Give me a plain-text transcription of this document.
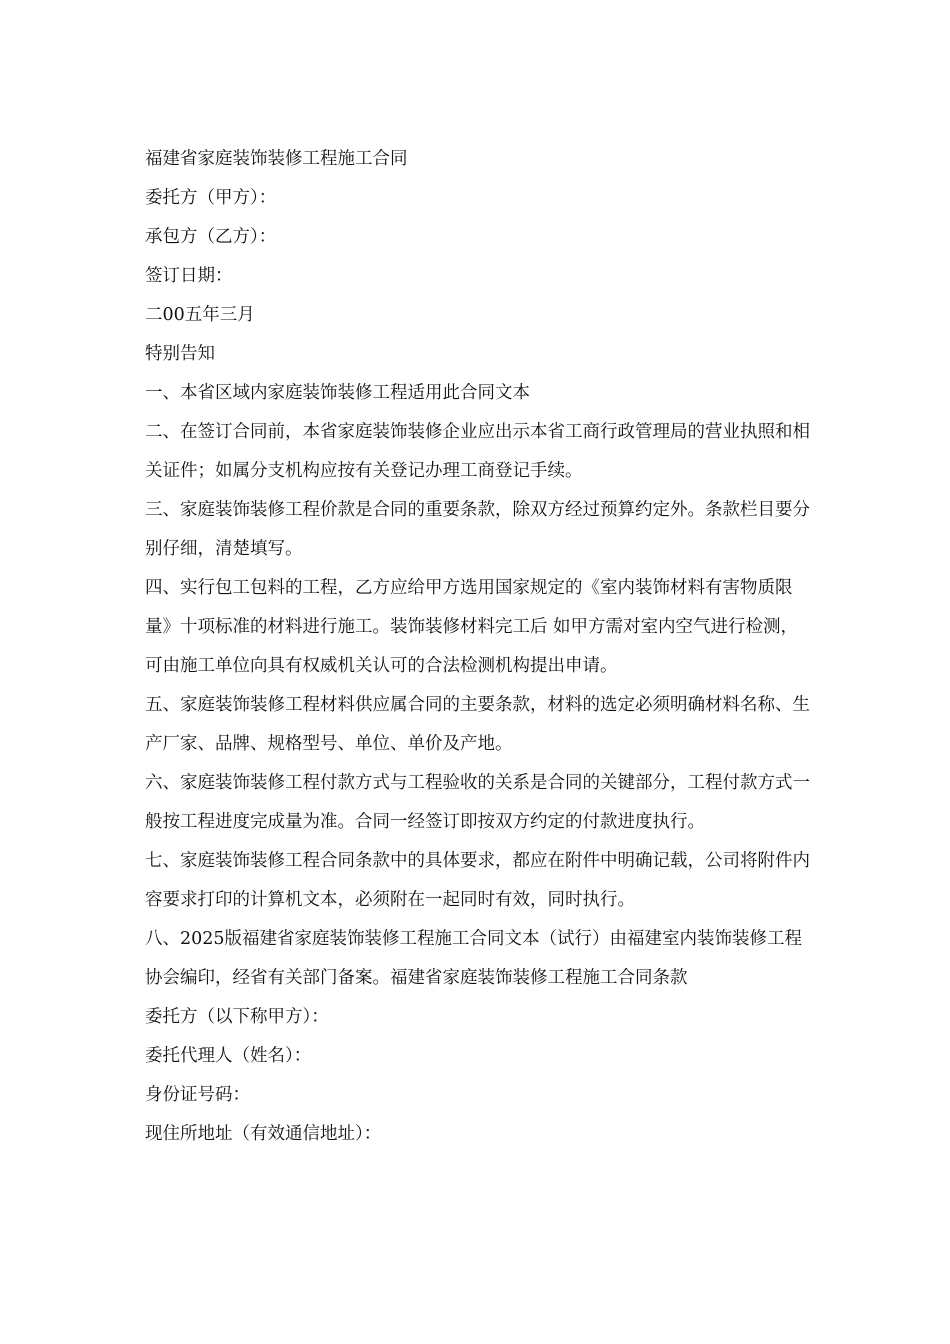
福建省家庭装饰装修工程施工合同

委托方（甲方）：

承包方（乙方）：

签订日期：

二00五年三月

特别告知

一、本省区域内家庭装饰装修工程适用此合同文本

二、在签订合同前，本省家庭装饰装修企业应出示本省工商行政管理局的营业执照和相关证件；如属分支机构应按有关登记办理工商登记手续。

三、家庭装饰装修工程价款是合同的重要条款，除双方经过预算约定外。条款栏目要分别仔细，清楚填写。

四、实行包工包料的工程，乙方应给甲方选用国家规定的《室内装饰材料有害物质限量》十项标准的材料进行施工。装饰装修材料完工后 如甲方需对室内空气进行检测，可由施工单位向具有权威机关认可的合法检测机构提出申请。

五、家庭装饰装修工程材料供应属合同的主要条款，材料的选定必须明确材料名称、生产厂家、品牌、规格型号、单位、单价及产地。

六、家庭装饰装修工程付款方式与工程验收的关系是合同的关键部分，工程付款方式一般按工程进度完成量为准。合同一经签订即按双方约定的付款进度执行。

七、家庭装饰装修工程合同条款中的具体要求，都应在附件中明确记载，公司将附件内容要求打印的计算机文本，必须附在一起同时有效，同时执行。

八、2025版福建省家庭装饰装修工程施工合同文本（试行）由福建室内装饰装修工程协会编印，经省有关部门备案。福建省家庭装饰装修工程施工合同条款

委托方（以下称甲方）：

委托代理人（姓名）：

身份证号码：

现住所地址（有效通信地址）：
